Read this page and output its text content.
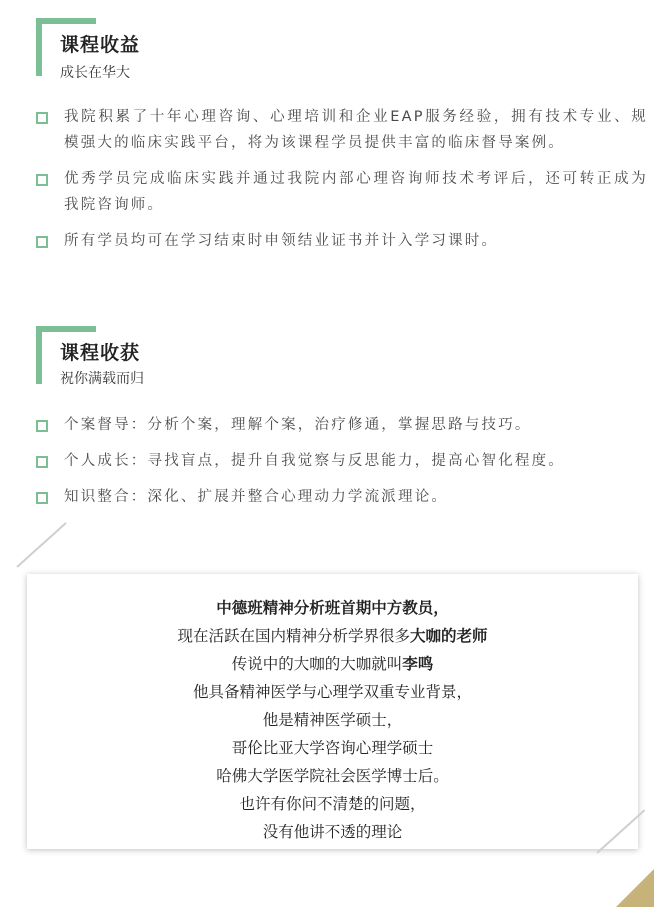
课程收益
成长在华大
我院积累了十年心理咨询、心理培训和企业EAP服务经验，拥有技术专业、规模强大的临床实践平台，将为该课程学员提供丰富的临床督导案例。
优秀学员完成临床实践并通过我院内部心理咨询师技术考评后，还可转正成为我院咨询师。
所有学员均可在学习结束时申领结业证书并计入学习课时。
课程收获
祝你满载而归
个案督导：分析个案，理解个案，治疗修通，掌握思路与技巧。
个人成长：寻找盲点，提升自我觉察与反思能力，提高心智化程度。
知识整合：深化、扩展并整合心理动力学流派理论。
中德班精神分析班首期中方教员，
现在活跃在国内精神分析学界很多大咖的老师
传说中的大咖的大咖就叫李鸣
他具备精神医学与心理学双重专业背景，
他是精神医学硕士，
哥伦比亚大学咨询心理学硕士
哈佛大学医学院社会医学博士后。
也许有你问不清楚的问题，
没有他讲不透的理论
